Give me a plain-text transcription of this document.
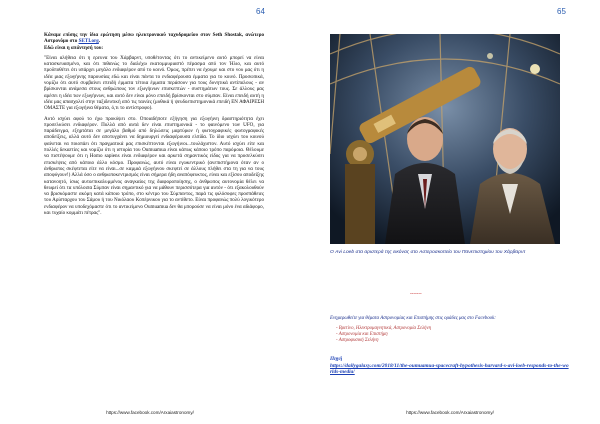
64

Κάναμε επίσης την ίδια ερώτηση μέσω ηλεκτρονικού ταχυδρομείου στον Seth Shostak, ανώτερο Αστρονόμο στο SETI.org.
Εδώ είναι η απάντησή του:

"Είναι αλήθεια ότι η ερευνα του Χάρβαρντ, υποθέτοντας ότι το αντικείμενο αυτό μπορεί να είναι κατασκευασμένο, και ότι πιθανώς το διαλέχω εκατομμυριαστό πέρασμα από τον Ήλιο, και αυτό προϋποθέτει ότι υπάρχει μεγάλο ενδιαφέρον από το κοινό. Όμως, πρέπει να έχουμε και στο νου μας ότι η ιδέα μιας εξωγήινης παρουσίας εδώ και είναι πάντα το ενδιαφέρουσα έμματα για το κοινό. Προσωπικά, νομίζω ότι αυτό συμβαίνει επειδή έμματα τέτοια έμματα περάσουν για τους δυνητικά αντίπαλους - αν βρίσκονται ανάμεσα στους ανθρώπους τον εξωγήινων επισκεπτών - συστημάτων τους. Σε άλλους μας αρέσει η ιδέα των εξωγήινων, και αυτό δεν είναι μόνο επειδή βρίσκονται στο σύμπαν. Είναι επειδή αυτή η ιδέα μας απασχολεί στην ταξιδευτική από τις ταινίες (μυθικά ή ψευδοεπιστημονικά επειδή ΕΝ ΑΦΑΙΡΕΣΗ ΟΜΑΣΤΕ για εξωγήινα θέματα, ό,τι το αντίστροφο).

Αυτό ισχύει αφού το έχω προκύψει στο. Οποιαδήποτε εξήγηση για εξωγήινη δραστηριότητα έχει προσελκύσει ενδιαφέρον. Πολλά από αυτά δεν είναι επιστημονικά - το φαινόμενο των UFO, για παράδειγμα, εξηρτάται σε μεγάλο βαθμό από δηλώσεις μαρτύρων ή φωτογραφικές φωτογραφικές αποδείξεις, αλλά αυτό δεν αποτυγχάνει να δημιουργεί ενδιαφέρουσα ελπίδα. Το ίδιο ισχύει του κοινού φαίνεται να ποιοπάει ότι πραγματικά μας επισκέπτονται εξωγήινοι...τουλάχιστον. Αυτό ισχύει είτε και πολλές δεκαετίες και νομίζω ότι η ιστορία του Oumuamua είναι κάπως κάποιο τρόπο παρόμοια. Θέλουμε να πιστέψουμε ότι η Homo sapiens είναι ενδιαφέρον και αρκετά σημαντικός είδος για να προσελκύσει επισκέψεις από κάποιο άλλο κόσμο. Προφανώς, αυτό είναι εγωκεντρικό (ανεπιστήμονα όταν αν ο άνθρωπος σκέφτεται είτε να είναι...σε καμμιά εξωγήινου σκεφτεί σε άλλους πλήθει στα τη για να τους αποφύγουν!) Αλλά όσο ο ανθρωποκεντρισμός είναι σήμερα ήδη αναπόφευκτος, είναι και εξίσου αποδείξης κατανοητό, ίσως αυτοεπικαλυμμένος αναγκαίος της διαφοροποίησης, ο άνθρωπος αυτονομία θέλει να θεωρεί ότι τα υπόλοιπα Σύμπαν είναι σημαντικό για να μάθουν περισσότερα για αυτόν - ότι εξακολουθούν να βρισκόμαστε ακόμη κατά κάποιο τρόπο, στο κέντρο του Σύμπαντος, παρά τις φιλόσοφες προσπάθειες του Αρίσταρχου του Σάμου ή του Νικόλαου Κοπέρνικου για το αντίθετο. Είναι προφανώς πολύ λογικότερο ενδιαφέρον να υποδεχόμαστε ότι το αντικείμενο Oumuamua δεν θα μπορούσε να είναι μόνο ένα αδιάφορο, και τυχαίο κομμάτι πέτρας".

https://www.facebook.com/Arxaiastronomy/
65
Ο Avi Loeb στα αριστερά της εικόνας στο Αστεροσκοπείο του Πανεπιστημίου του Χάρβαρντ
-------
Ενημερωθείτε για θέματα Αστρονομίας και Επιστήμης στις ομάδες μας στο Facebook:
- Βρετίνο, Ηλεκτρομαγνητικά, Αστρονομία Σελήνη
- Αστρονομία και Επιστήμη
- Αστροφυσική Σελήνη
Πηγή
https://dailygalaxy.com/2018/11/the-oumuamua-spacecraft-hypothesis-harvard-s-avi-loeb-responds-to-the-worlds-media/
https://www.facebook.com/Arxaiastronomy/
